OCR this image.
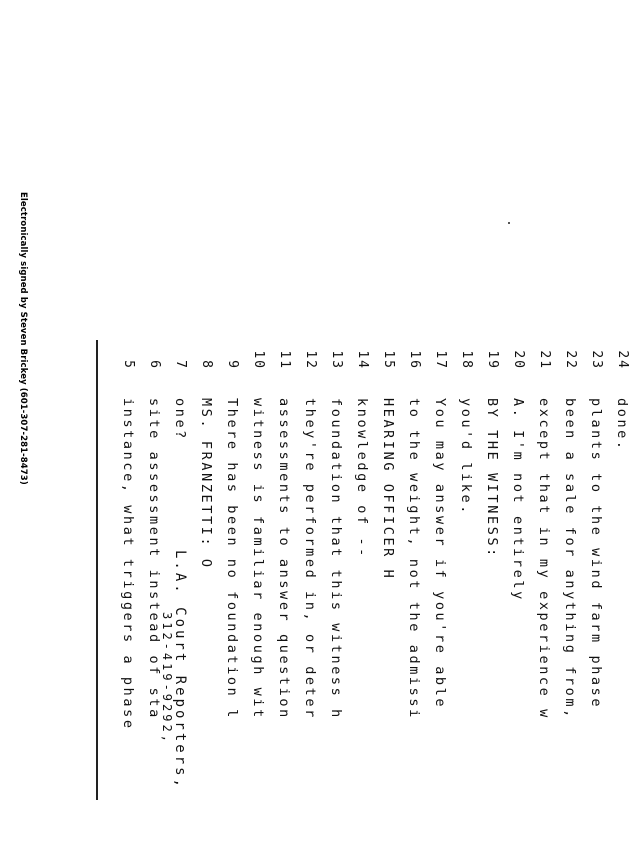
Electronically signed by Steven Brickey (601-307-281-8473)	5
instance, what triggers a phase
6
site assessment instead of sta
7
one?
8
MS. FRANZETTI: O
9
There has been no foundation l
10
witness is familiar enough wit
11
assessments to answer question
12
they're performed in, or deter
13
foundation that this witness h
14
knowledge of --
15
HEARING OFFICER H
16
to the weight, not the admissi
17
You may answer if you're able
18
you'd like.
19
BY THE WITNESS:
20
A. I'm not entirely
21
except that in my experience w
22
been a sale for anything from,
23
plants to the wind farm phase
24
done.
L.A. Court Reporters,
312-419-9292,
